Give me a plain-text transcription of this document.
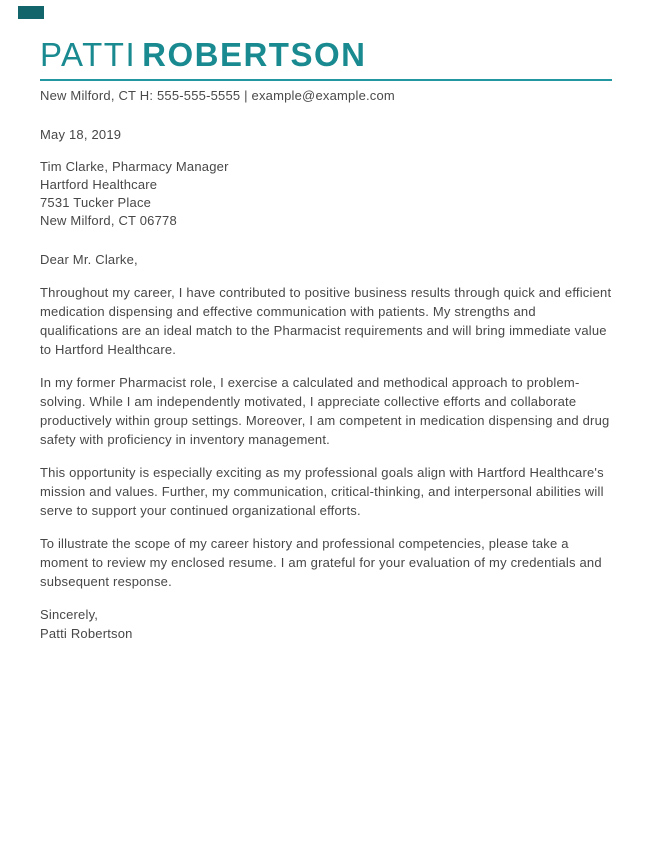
PATTI ROBERTSON
New Milford, CT H: 555-555-5555 | example@example.com
May 18, 2019
Tim Clarke, Pharmacy Manager
Hartford Healthcare
7531 Tucker Place
New Milford, CT 06778
Dear Mr. Clarke,
Throughout my career, I have contributed to positive business results through quick and efficient medication dispensing and effective communication with patients. My strengths and qualifications are an ideal match to the Pharmacist requirements and will bring immediate value to Hartford Healthcare.
In my former Pharmacist role, I exercise a calculated and methodical approach to problem-solving. While I am independently motivated, I appreciate collective efforts and collaborate productively within group settings. Moreover, I am competent in medication dispensing and drug safety with proficiency in inventory management.
This opportunity is especially exciting as my professional goals align with Hartford Healthcare's mission and values. Further, my communication, critical-thinking, and interpersonal abilities will serve to support your continued organizational efforts.
To illustrate the scope of my career history and professional competencies, please take a moment to review my enclosed resume. I am grateful for your evaluation of my credentials and subsequent response.
Sincerely,
Patti Robertson
